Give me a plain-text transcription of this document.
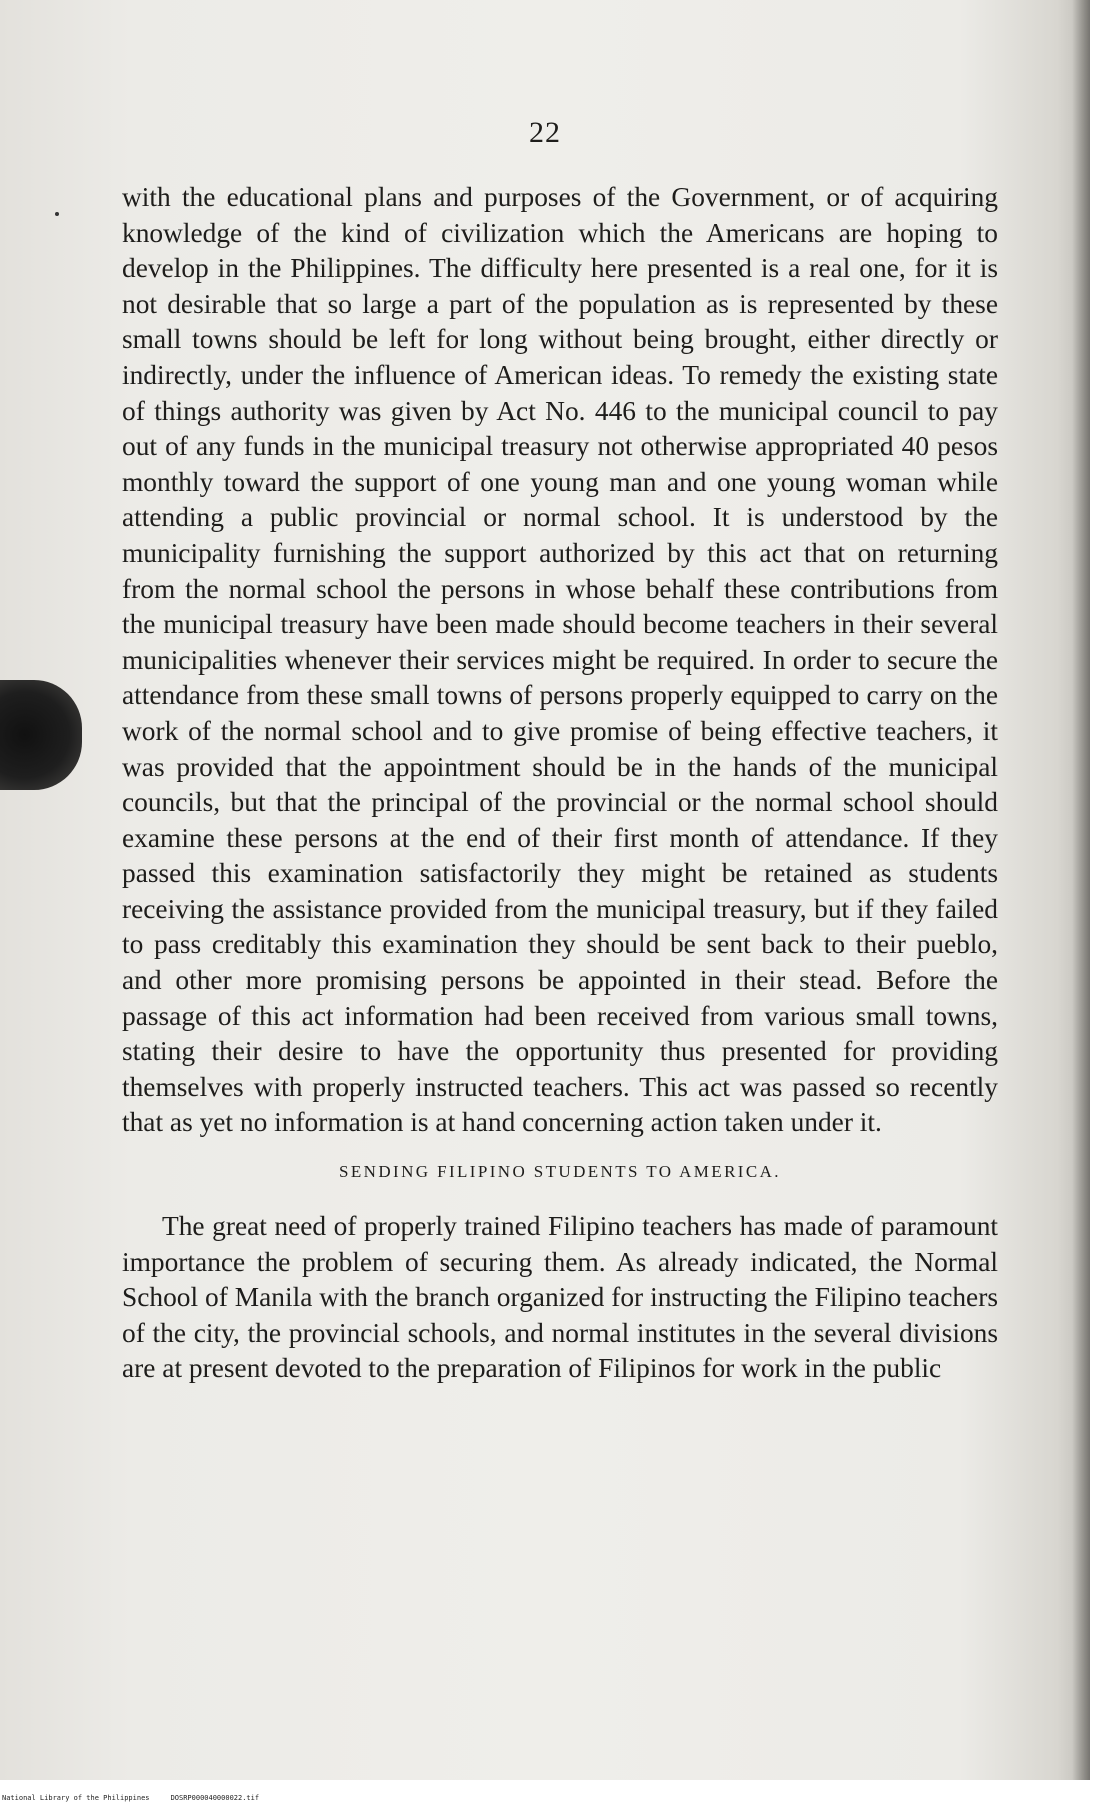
22

with the educational plans and purposes of the Government, or of acquiring knowledge of the kind of civilization which the Americans are hoping to develop in the Philippines. The difficulty here presented is a real one, for it is not desirable that so large a part of the population as is represented by these small towns should be left for long without being brought, either directly or indirectly, under the influence of American ideas. To remedy the existing state of things authority was given by Act No. 446 to the municipal council to pay out of any funds in the municipal treasury not otherwise appropriated 40 pesos monthly toward the support of one young man and one young woman while attending a public provincial or normal school. It is understood by the municipality furnishing the support authorized by this act that on returning from the normal school the persons in whose behalf these contributions from the municipal treasury have been made should become teachers in their several municipalities whenever their services might be required. In order to secure the attendance from these small towns of persons properly equipped to carry on the work of the normal school and to give promise of being effective teachers, it was provided that the appointment should be in the hands of the municipal councils, but that the principal of the provincial or the normal school should examine these persons at the end of their first month of attendance. If they passed this examination satisfactorily they might be retained as students receiving the assistance provided from the municipal treasury, but if they failed to pass creditably this examination they should be sent back to their pueblo, and other more promising persons be appointed in their stead. Before the passage of this act information had been received from various small towns, stating their desire to have the opportunity thus presented for providing themselves with properly instructed teachers. This act was passed so recently that as yet no information is at hand concerning action taken under it.

SENDING FILIPINO STUDENTS TO AMERICA.

The great need of properly trained Filipino teachers has made of paramount importance the problem of securing them. As already indicated, the Normal School of Manila with the branch organized for instructing the Filipino teachers of the city, the provincial schools, and normal institutes in the several divisions are at present devoted to the preparation of Filipinos for work in the public

National Library of the Philippines     DOSRP000040000022.tif
